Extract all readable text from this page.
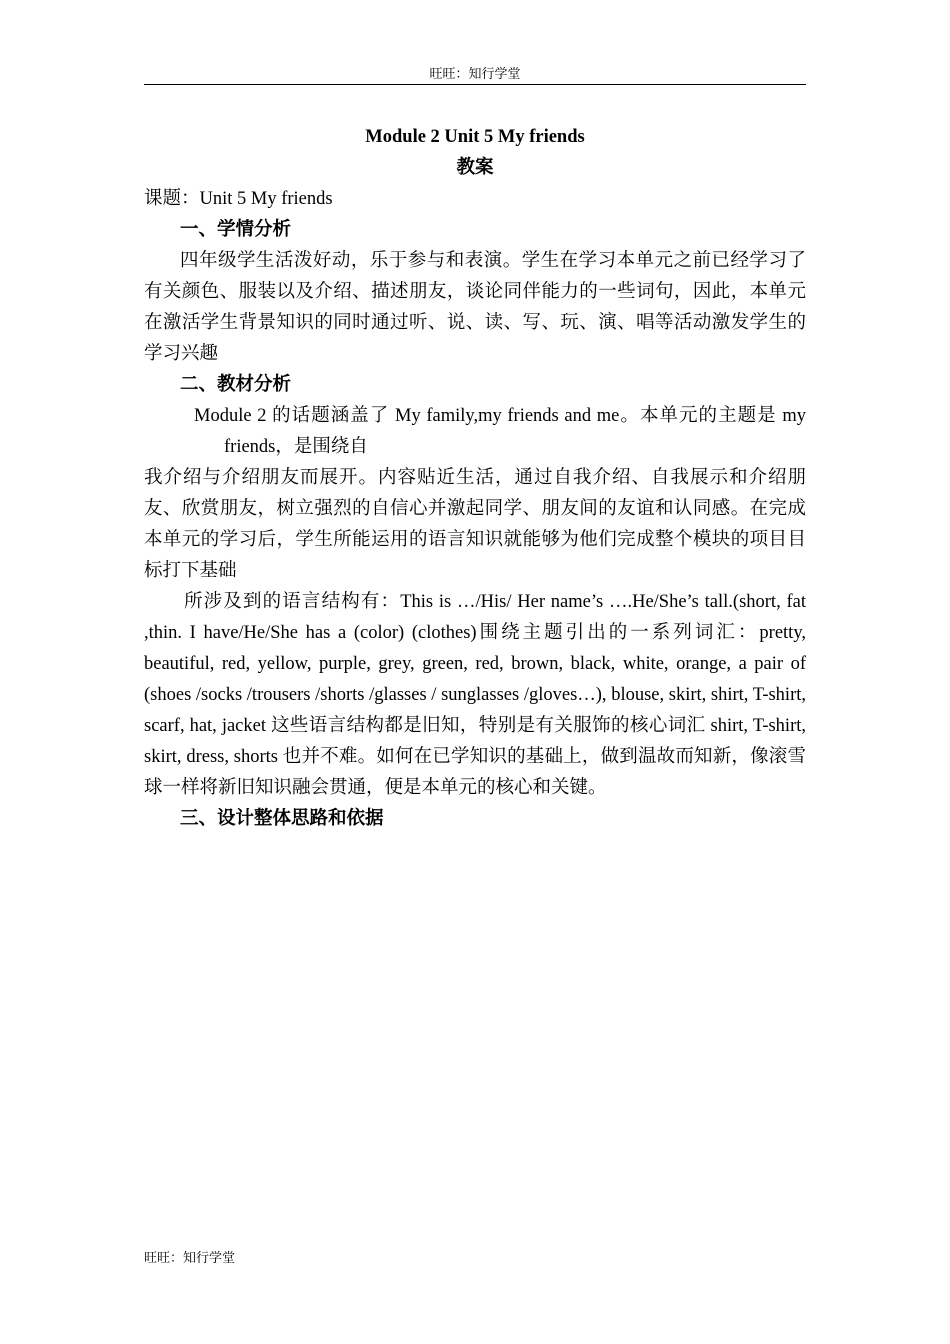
旺旺：知行学堂

Module 2 Unit 5 My friends

教案

课题：Unit 5 My friends

一、学情分析

四年级学生活泼好动，乐于参与和表演。学生在学习本单元之前已经学习了有关颜色、服装以及介绍、描述朋友，谈论同伴能力的一些词句，因此，本单元在激活学生背景知识的同时通过听、说、读、写、玩、演、唱等活动激发学生的学习兴趣

二、教材分析

Module 2 的话题涵盖了 My family,my friends and me。本单元的主题是 my friends，是围绕自

我介绍与介绍朋友而展开。内容贴近生活，通过自我介绍、自我展示和介绍朋友、欣赏朋友，树立强烈的自信心并激起同学、朋友间的友谊和认同感。在完成本单元的学习后，学生所能运用的语言知识就能够为他们完成整个模块的项目目标打下基础

所涉及到的语言结构有：This is …/His/ Her name’s ….He/She’s tall.(short, fat ,thin. I have/He/She has a (color) (clothes)围绕主题引出的一系列词汇：pretty, beautiful, red, yellow, purple, grey, green, red, brown, black, white, orange, a pair of (shoes /socks /trousers /shorts /glasses / sunglasses /gloves…), blouse, skirt, shirt, T-shirt, scarf, hat, jacket 这些语言结构都是旧知，特别是有关服饰的核心词汇 shirt, T-shirt, skirt, dress, shorts 也并不难。如何在已学知识的基础上，做到温故而知新，像滚雪球一样将新旧知识融会贯通，便是本单元的核心和关键。

三、设计整体思路和依据

旺旺：知行学堂
